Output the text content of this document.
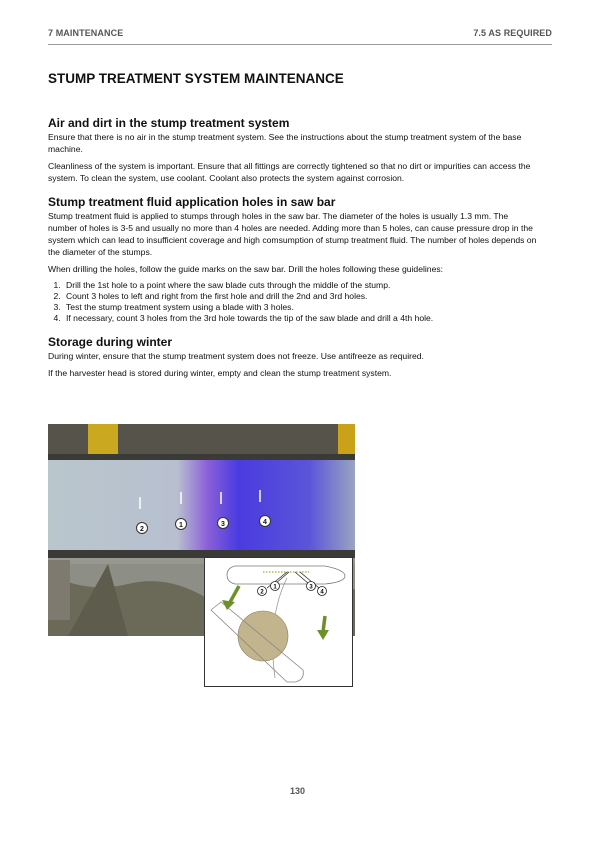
7 MAINTENANCE	7.5 AS REQUIRED
STUMP TREATMENT SYSTEM MAINTENANCE
Air and dirt in the stump treatment system

Ensure that there is no air in the stump treatment system. See the instructions about the stump treatment system of the base machine.

Cleanliness of the system is important. Ensure that all fittings are correctly tightened so that no dirt or impurities can access the system. To clean the system, use coolant. Coolant also protects the system against corrosion.

Stump treatment fluid application holes in saw bar

Stump treatment fluid is applied to stumps through holes in the saw bar. The diameter of the holes is usually 1.3 mm. The number of holes is 3-5 and usually no more than 4 holes are needed. Adding more than 5 holes, can cause pressure drop in the system which can lead to insufficient coverage and high comsumption of stump treatment fluid. The number of holes depends on the diameter of the stumps.

When drilling the holes, follow the guide marks on the saw bar. Drill the holes following these guidelines:

1. Drill the 1st hole to a point where the saw blade cuts through the middle of the stump.
2. Count 3 holes to left and right from the first hole and drill the 2nd and 3rd holes.
3. Test the stump treatment system using a blade with 3 holes.
4. If necessary, count 3 holes from the 3rd hole towards the tip of the saw blade and drill a 4th hole.
Storage during winter

During winter, ensure that the stump treatment system does not freeze. Use antifreeze as required.

If the harvester head is stored during winter, empty and clean the stump treatment system.

2
1	3	4
2
1	3
4
130
